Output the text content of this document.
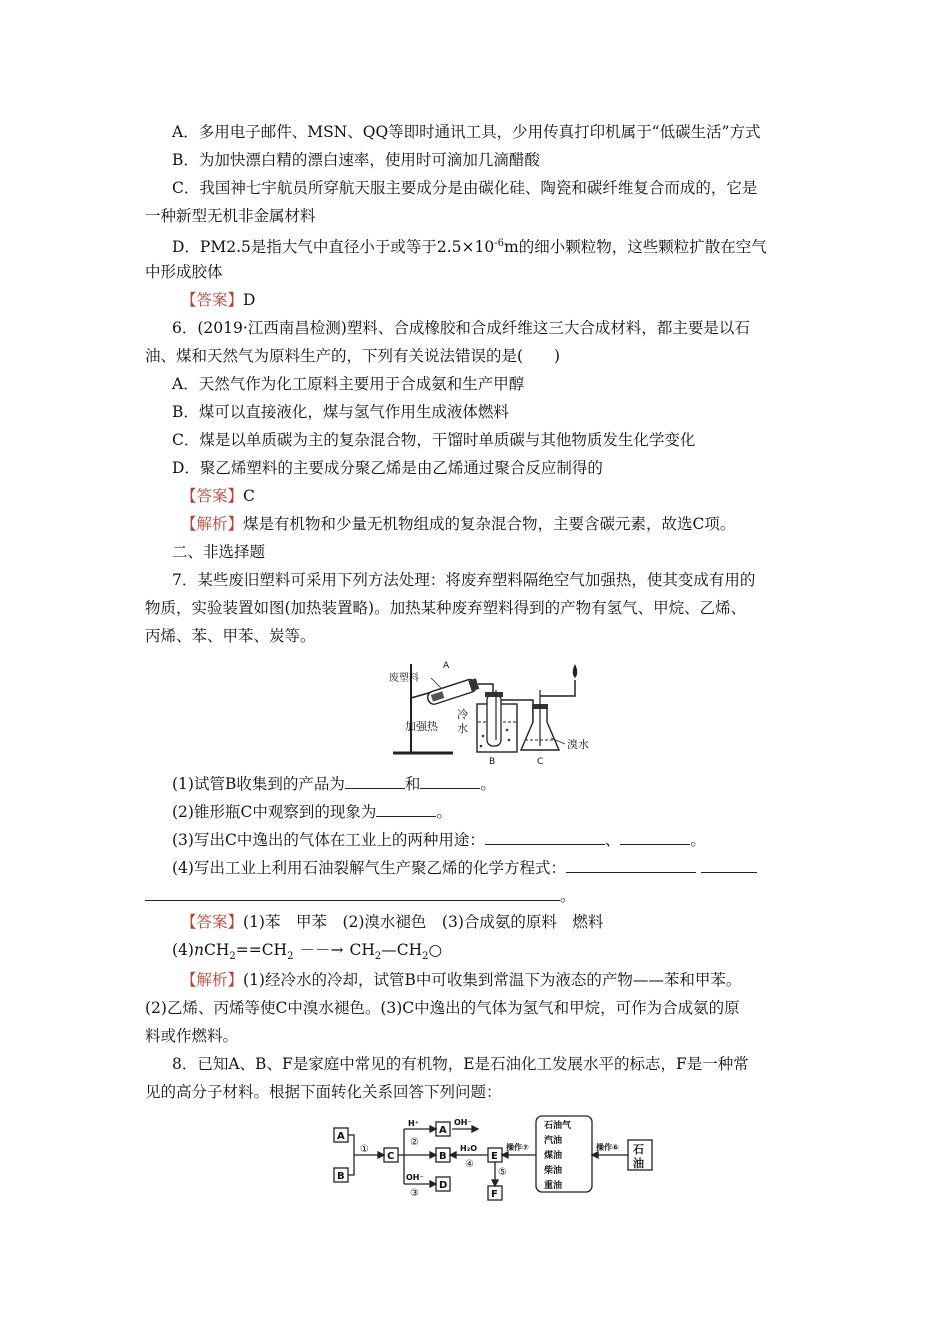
A．多用电子邮件、MSN、QQ等即时通讯工具，少用传真打印机属于“低碳生活”方式
B．为加快漂白精的漂白速率，使用时可滴加几滴醋酸
C．我国神七宇航员所穿航天服主要成分是由碳化硅、陶瓷和碳纤维复合而成的，它是
一种新型无机非金属材料
D．PM2.5是指大气中直径小于或等于$2.5\times 10^{-6}m$的细小颗粒物，这些颗粒扩散在空气
中形成胶体
【答案】D
6．(2019·江西南昌检测)塑料、合成橡胶和合成纤维这三大合成材料，都主要是以石
油、煤和天然气为原料生产的，下列有关说法错误的是(　　)
A．天然气作为化工原料主要用于合成氨和生产甲醇
B．煤可以直接液化，煤与氢气作用生成液体燃料
C．煤是以单质碳为主的复杂混合物，干馏时单质碳与其他物质发生化学变化
D．聚乙烯塑料的主要成分聚乙烯是由乙烯通过聚合反应制得的
【答案】C
【解析】煤是有机物和少量无机物组成的复杂混合物，主要含碳元素，故选C项。
二、非选择题
7．某些废旧塑料可采用下列方法处理：将废弃塑料隔绝空气加强热，使其变成有用的
物质，实验装置如图(加热装置略)。加热某种废弃塑料得到的产物有氢气、甲烷、乙烯、
丙烯、苯、甲苯、炭等。
A
废塑料
加强热
冷
水
B	C
溴水
(1)试管B收集到的产品为	和	。
(2)锥形瓶C中观察到的现象为	。
(3)写出C中逸出的气体在工业上的两种用途：	、	。
(4)写出工业上利用石油裂解气生产聚乙烯的化学方程式：
。
【答案】(1)苯　甲苯　(2)溴水褪色　(3)合成氨的原料　燃料
$(4)nCH_2==CH_2$ －－→ $CH_2—CH_2○$
【解析】(1)经冷水的冷却，试管B中可收集到常温下为液态的产物——苯和甲苯。
(2)乙烯、丙烯等使C中溴水褪色。(3)C中逸出的气体为氢气和甲烷，可作为合成氨的原
料或作燃料。
8．已知A、B、F是家庭中常见的有机物，E是石油化工发展水平的标志，F是一种常
见的高分子材料。根据下面转化关系回答下列问题：
A
B
C
A
B
D
E
F
①
H⁺
②
OH⁻
③
OH⁻
H₂O
④
⑤
操作⑦	操作⑥
石油气
汽油
煤油
柴油
重油
石
油
